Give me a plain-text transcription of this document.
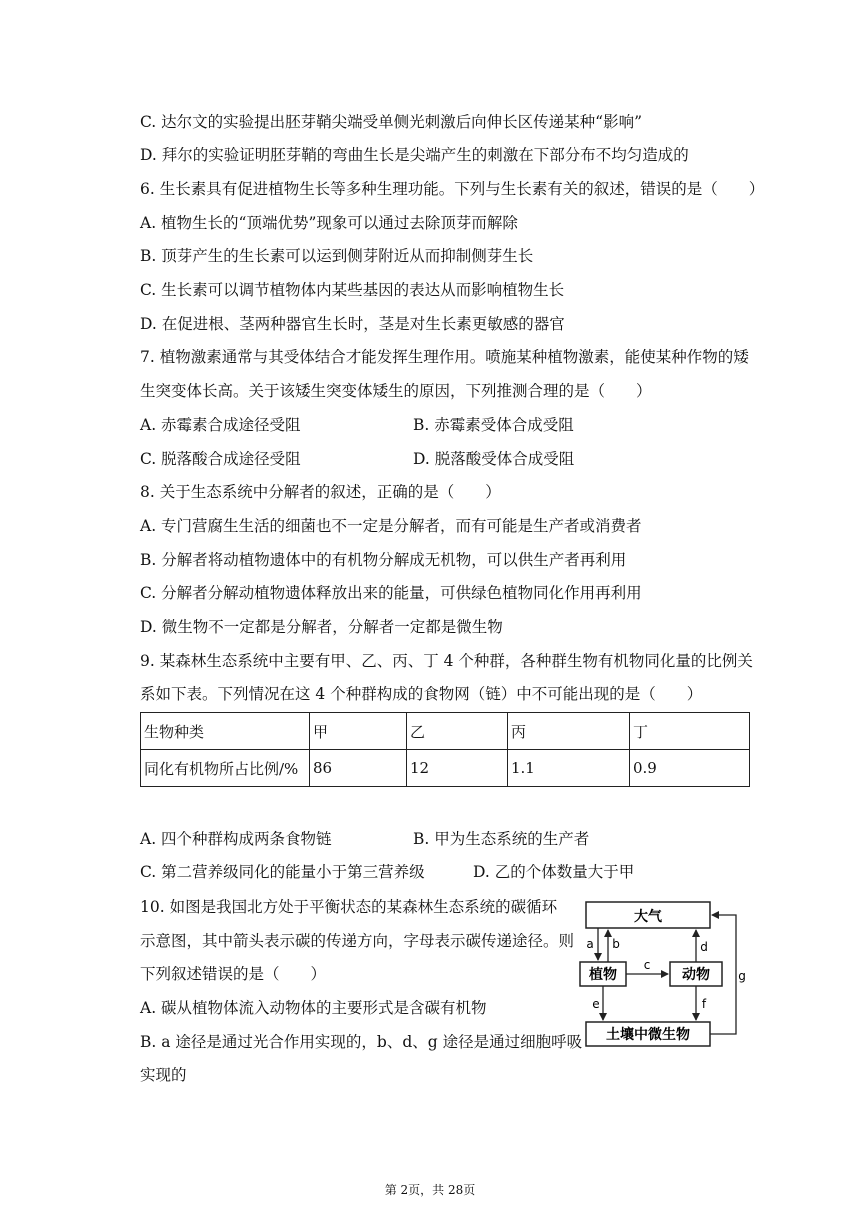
C. 达尔文的实验提出胚芽鞘尖端受单侧光刺激后向伸长区传递某种“影响”
D. 拜尔的实验证明胚芽鞘的弯曲生长是尖端产生的刺激在下部分布不均匀造成的
6. 生长素具有促进植物生长等多种生理功能。下列与生长素有关的叙述，错误的是（　　）
A. 植物生长的“顶端优势”现象可以通过去除顶芽而解除
B. 顶芽产生的生长素可以运到侧芽附近从而抑制侧芽生长
C. 生长素可以调节植物体内某些基因的表达从而影响植物生长
D. 在促进根、茎两种器官生长时，茎是对生长素更敏感的器官
7. 植物激素通常与其受体结合才能发挥生理作用。喷施某种植物激素，能使某种作物的矮
生突变体长高。关于该矮生突变体矮生的原因，下列推测合理的是（　　）
A. 赤霉素合成途径受阻	B. 赤霉素受体合成受阻
C. 脱落酸合成途径受阻	D. 脱落酸受体合成受阻
8. 关于生态系统中分解者的叙述，正确的是（　　）
A. 专门营腐生生活的细菌也不一定是分解者，而有可能是生产者或消费者
B. 分解者将动植物遗体中的有机物分解成无机物，可以供生产者再利用
C. 分解者分解动植物遗体释放出来的能量，可供绿色植物同化作用再利用
D. 微生物不一定都是分解者，分解者一定都是微生物
9. 某森林生态系统中主要有甲、乙、丙、丁 4 个种群，各种群生物有机物同化量的比例关
系如下表。下列情况在这 4 个种群构成的食物网（链）中不可能出现的是（　　）
生物种类	甲	乙	丙	丁
同化有机物所占比例/%	86	12	1.1	0.9
A. 四个种群构成两条食物链	B. 甲为生态系统的生产者
C. 第二营养级同化的能量小于第三营养级	D. 乙的个体数量大于甲
10. 如图是我国北方处于平衡状态的某森林生态系统的碳循环
示意图，其中箭头表示碳的传递方向，字母表示碳传递途径。则
下列叙述错误的是（　　）
A. 碳从植物体流入动物体的主要形式是含碳有机物
B. a 途径是通过光合作用实现的，b、d、g 途径是通过细胞呼吸
实现的
大气
植物	动物
土壤中微生物
a b
c
d
e	f
g
第 2页，共 28页
